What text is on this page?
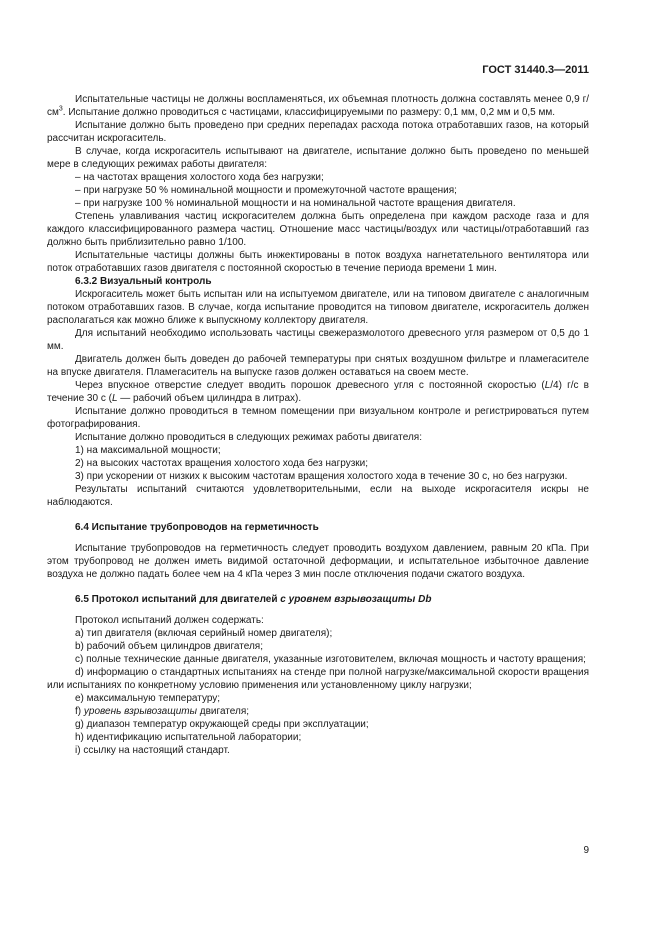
ГОСТ 31440.3—2011

Испытательные частицы не должны воспламеняться, их объемная плотность должна составлять менее 0,9 $г/см^3$. Испытание должно проводиться с частицами, классифицируемыми по размеру: 0,1 мм, 0,2 мм и 0,5 мм.

Испытание должно быть проведено при средних перепадах расхода потока отработавших газов, на который рассчитан искрогаситель.

В случае, когда искрогаситель испытывают на двигателе, испытание должно быть проведено по меньшей мере в следующих режимах работы двигателя:

– на частотах вращения холостого хода без нагрузки;

– при нагрузке 50 % номинальной мощности и промежуточной частоте вращения;

– при нагрузке 100 % номинальной мощности и на номинальной частоте вращения двигателя.

Степень улавливания частиц искрогасителем должна быть определена при каждом расходе газа и для каждого классифицированного размера частиц. Отношение масс частицы/воздух или частицы/отработавший газ должно быть приблизительно равно 1/100.

Испытательные частицы должны быть инжектированы в поток воздуха нагнетательного вентилятора или поток отработавших газов двигателя с постоянной скоростью в течение периода времени 1 мин.

6.3.2 Визуальный контроль

Искрогаситель может быть испытан или на испытуемом двигателе, или на типовом двигателе с аналогичным потоком отработавших газов. В случае, когда испытание проводится на типовом двигателе, искрогаситель должен располагаться как можно ближе к выпускному коллектору двигателя.

Для испытаний необходимо использовать частицы свежеразмолотого древесного угля размером от 0,5 до 1 мм.

Двигатель должен быть доведен до рабочей температуры при снятых воздушном фильтре и пламегасителе на впуске двигателя. Пламегаситель на выпуске газов должен оставаться на своем месте.

Через впускное отверстие следует вводить порошок древесного угля с постоянной скоростью (L/4) г/с в течение 30 с (L — рабочий объем цилиндра в литрах).

Испытание должно проводиться в темном помещении при визуальном контроле и регистрироваться путем фотографирования.

Испытание должно проводиться в следующих режимах работы двигателя:

1) на максимальной мощности;

2) на высоких частотах вращения холостого хода без нагрузки;

3) при ускорении от низких к высоким частотам вращения холостого хода в течение 30 с, но без нагрузки.

Результаты испытаний считаются удовлетворительными, если на выходе искрогасителя искры не наблюдаются.

6.4 Испытание трубопроводов на герметичность

Испытание трубопроводов на герметичность следует проводить воздухом давлением, равным 20 кПа. При этом трубопровод не должен иметь видимой остаточной деформации, и испытательное избыточное давление воздуха не должно падать более чем на 4 кПа через 3 мин после отключения подачи сжатого воздуха.

6.5 Протокол испытаний для двигателей с уровнем взрывозащиты Db

Протокол испытаний должен содержать:

a) тип двигателя (включая серийный номер двигателя);

b) рабочий объем цилиндров двигателя;

c) полные технические данные двигателя, указанные изготовителем, включая мощность и частоту вращения;

d) информацию о стандартных испытаниях на стенде при полной нагрузке/максимальной скорости вращения или испытаниях по конкретному условию применения или установленному циклу нагрузки;

e) максимальную температуру;

f) уровень взрывозащиты двигателя;

g) диапазон температур окружающей среды при эксплуатации;

h) идентификацию испытательной лаборатории;

i) ссылку на настоящий стандарт.

9
